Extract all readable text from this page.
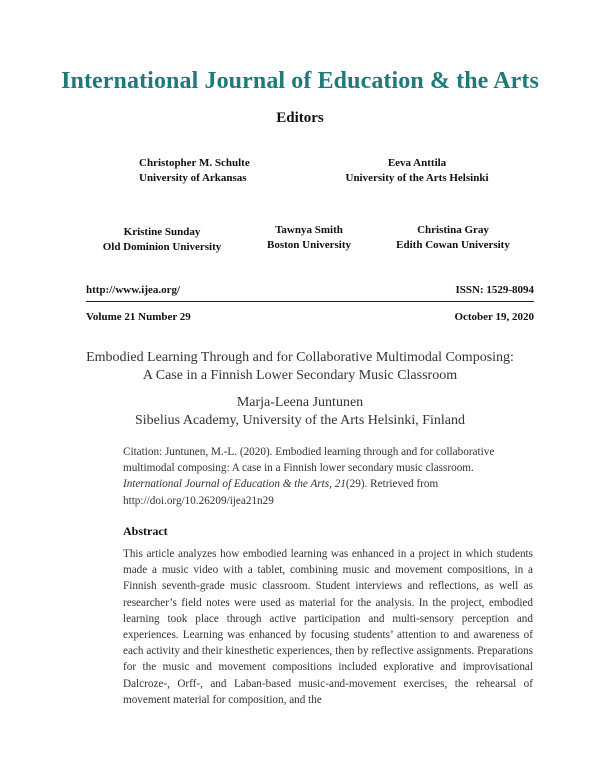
International Journal of Education & the Arts
Editors
Christopher M. Schulte
University of Arkansas
Eeva Anttila
University of the Arts Helsinki
Kristine Sunday
Old Dominion University
Tawnya Smith
Boston University
Christina Gray
Edith Cowan University
http://www.ijea.org/	ISSN: 1529-8094
Volume 21 Number 29	October 19, 2020
Embodied Learning Through and for Collaborative Multimodal Composing:
A Case in a Finnish Lower Secondary Music Classroom
Marja-Leena Juntunen
Sibelius Academy, University of the Arts Helsinki, Finland
Citation: Juntunen, M.-L. (2020). Embodied learning through and for collaborative multimodal composing: A case in a Finnish lower secondary music classroom. International Journal of Education & the Arts, 21(29). Retrieved from http://doi.org/10.26209/ijea21n29
Abstract
This article analyzes how embodied learning was enhanced in a project in which students made a music video with a tablet, combining music and movement compositions, in a Finnish seventh-grade music classroom. Student interviews and reflections, as well as researcher’s field notes were used as material for the analysis. In the project, embodied learning took place through active participation and multi-sensory perception and experiences. Learning was enhanced by focusing students’ attention to and awareness of each activity and their kinesthetic experiences, then by reflective assignments. Preparations for the music and movement compositions included explorative and improvisational Dalcroze-, Orff-, and Laban-based music-and-movement exercises, the rehearsal of movement material for composition, and the
